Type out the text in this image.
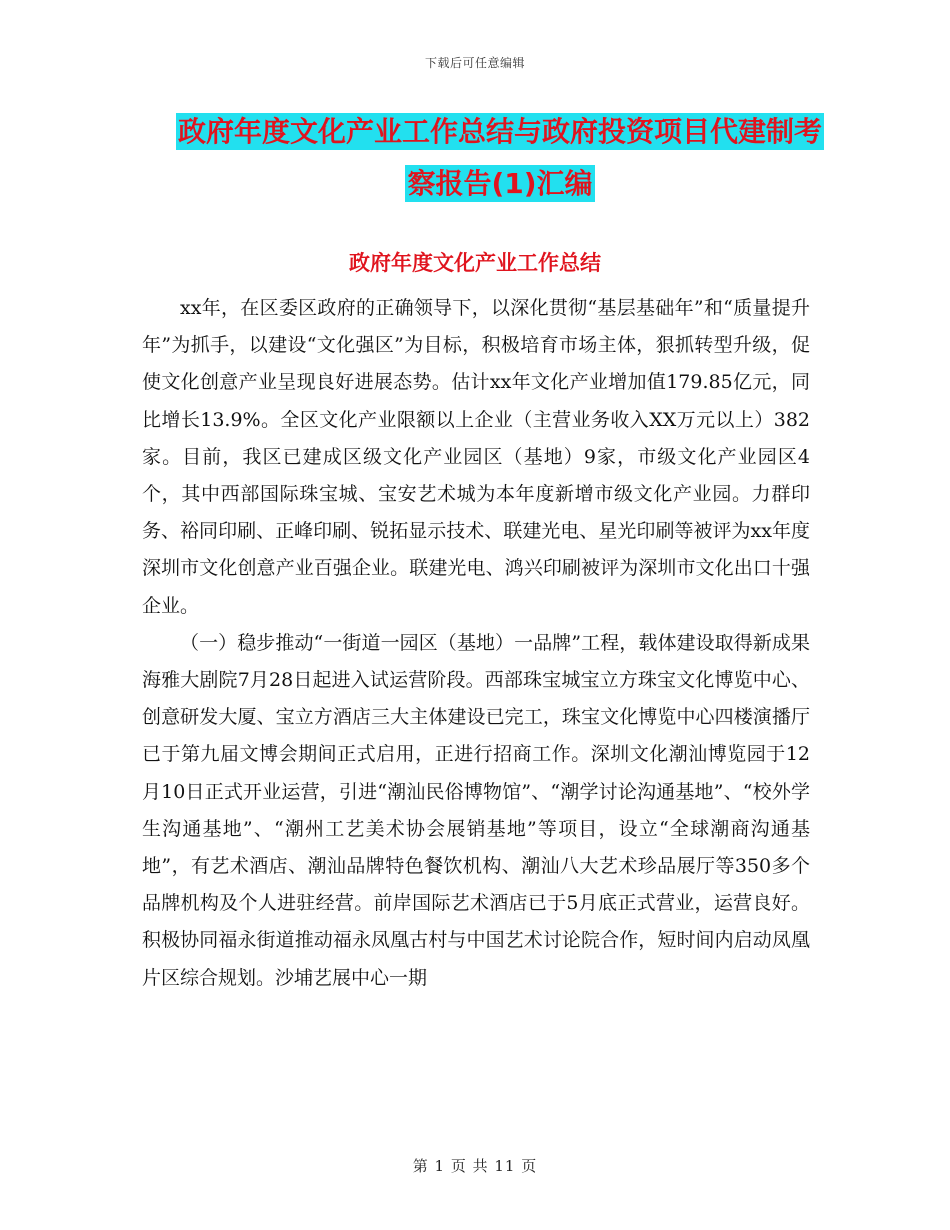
下载后可任意编辑
政府年度文化产业工作总结与政府投资项目代建制考
察报告(1)汇编
政府年度文化产业工作总结

xx年，在区委区政府的正确领导下，以深化贯彻“基层基础年”和“质量提升年”为抓手，以建设“文化强区”为目标，积极培育市场主体，狠抓转型升级，促使文化创意产业呈现良好进展态势。估计xx年文化产业增加值179.85亿元，同比增长13.9%。全区文化产业限额以上企业（主营业务收入XX万元以上）382家。目前，我区已建成区级文化产业园区（基地）9家，市级文化产业园区4个，其中西部国际珠宝城、宝安艺术城为本年度新增市级文化产业园。力群印务、裕同印刷、正峰印刷、锐拓显示技术、联建光电、星光印刷等被评为xx年度深圳市文化创意产业百强企业。联建光电、鸿兴印刷被评为深圳市文化出口十强企业。

（一）稳步推动“一街道一园区（基地）一品牌”工程，载体建设取得新成果海雅大剧院7月28日起进入试运营阶段。西部珠宝城宝立方珠宝文化博览中心、创意研发大厦、宝立方酒店三大主体建设已完工，珠宝文化博览中心四楼演播厅已于第九届文博会期间正式启用，正进行招商工作。深圳文化潮汕博览园于12月10日正式开业运营，引进“潮汕民俗博物馆”、“潮学讨论沟通基地”、“校外学生沟通基地”、“潮州工艺美术协会展销基地”等项目，设立“全球潮商沟通基地”，有艺术酒店、潮汕品牌特色餐饮机构、潮汕八大艺术珍品展厅等350多个品牌机构及个人进驻经营。前岸国际艺术酒店已于5月底正式营业，运营良好。积极协同福永街道推动福永凤凰古村与中国艺术讨论院合作，短时间内启动凤凰片区综合规划。沙埔艺展中心一期

第 1 页 共 11 页
